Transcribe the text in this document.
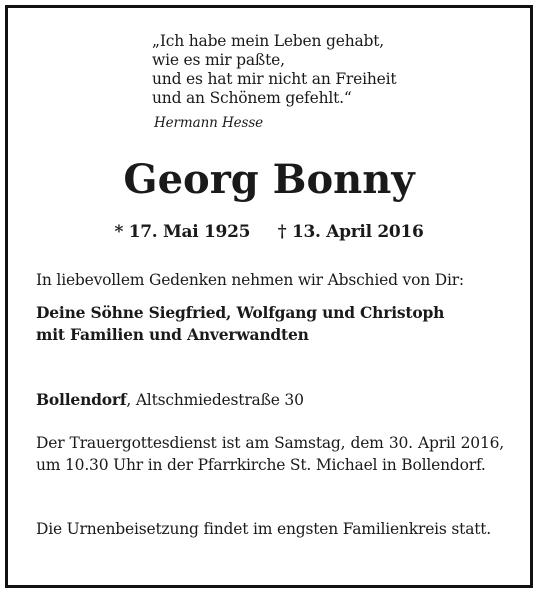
„Ich habe mein Leben gehabt,
wie es mir paßte,
und es hat mir nicht an Freiheit
und an Schönem gefehlt.“
Hermann Hesse
Georg Bonny
* 17. Mai 1925 † 13. April 2016
In liebevollem Gedenken nehmen wir Abschied von Dir:
Deine Söhne Siegfried, Wolfgang und Christoph
mit Familien und Anverwandten
Bollendorf, Altschmiedestraße 30
Der Trauergottesdienst ist am Samstag, dem 30. April 2016, um 10.30 Uhr in der Pfarrkirche St. Michael in Bollendorf.
Die Urnenbeisetzung findet im engsten Familienkreis statt.
